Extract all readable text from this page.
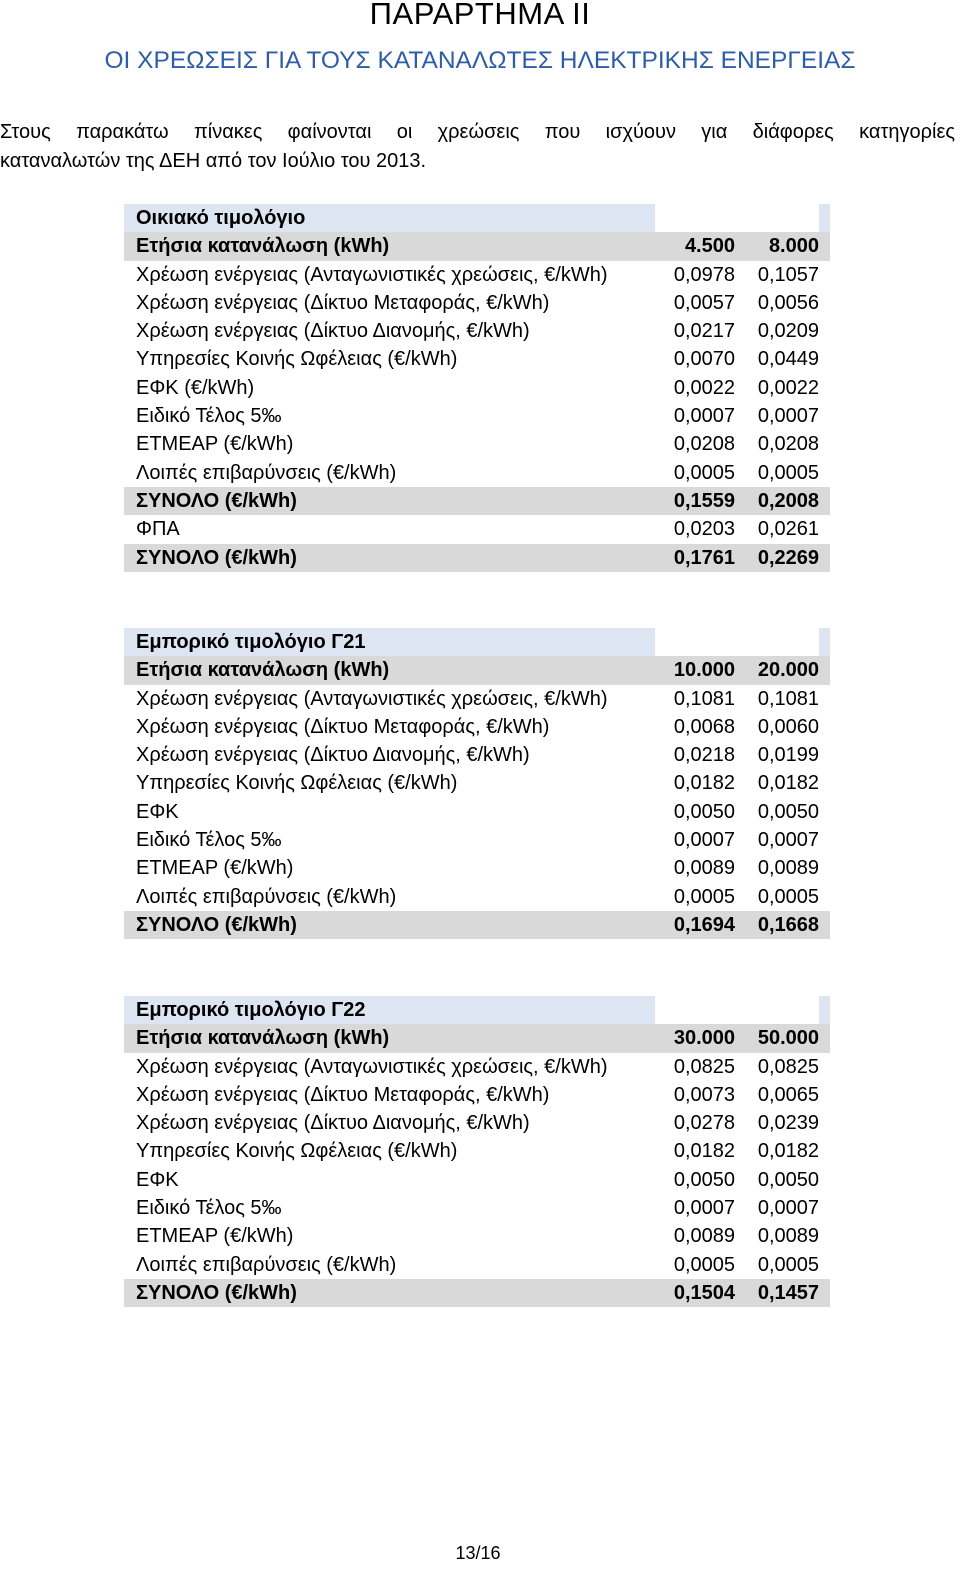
ΠΑΡΑΡΤΗΜΑ ΙΙ
ΟΙ ΧΡΕΩΣΕΙΣ ΓΙΑ ΤΟΥΣ ΚΑΤΑΝΑΛΩΤΕΣ ΗΛΕΚΤΡΙΚΗΣ ΕΝΕΡΓΕΙΑΣ
Στους παρακάτω πίνακες φαίνονται οι χρεώσεις που ισχύουν για διάφορες κατηγορίες
καταναλωτών της ΔΕΗ από τον Ιούλιο του 2013.
Οικιακό τιμολόγιο
Ετήσια κατανάλωση (kWh)	4.500	8.000
Χρέωση ενέργειας (Ανταγωνιστικές χρεώσεις, €/kWh)	0,0978	0,1057
Χρέωση ενέργειας (Δίκτυο Μεταφοράς, €/kWh)	0,0057	0,0056
Χρέωση ενέργειας (Δίκτυο Διανομής, €/kWh)	0,0217	0,0209
Υπηρεσίες Κοινής Ωφέλειας (€/kWh)	0,0070	0,0449
ΕΦΚ (€/kWh)	0,0022	0,0022
Ειδικό Τέλος 5‰	0,0007	0,0007
ΕΤΜΕΑΡ (€/kWh)	0,0208	0,0208
Λοιπές επιβαρύνσεις (€/kWh)	0,0005	0,0005
ΣΥΝΟΛΟ (€/kWh)	0,1559	0,2008
ΦΠΑ	0,0203	0,0261
ΣΥΝΟΛΟ (€/kWh)	0,1761	0,2269
Εμπορικό τιμολόγιο Γ21
Ετήσια κατανάλωση (kWh)	10.000	20.000
Χρέωση ενέργειας (Ανταγωνιστικές χρεώσεις, €/kWh)	0,1081	0,1081
Χρέωση ενέργειας (Δίκτυο Μεταφοράς, €/kWh)	0,0068	0,0060
Χρέωση ενέργειας (Δίκτυο Διανομής, €/kWh)	0,0218	0,0199
Υπηρεσίες Κοινής Ωφέλειας (€/kWh)	0,0182	0,0182
ΕΦΚ	0,0050	0,0050
Ειδικό Τέλος 5‰	0,0007	0,0007
ΕΤΜΕΑΡ (€/kWh)	0,0089	0,0089
Λοιπές επιβαρύνσεις (€/kWh)	0,0005	0,0005
ΣΥΝΟΛΟ (€/kWh)	0,1694	0,1668
Εμπορικό τιμολόγιο Γ22
Ετήσια κατανάλωση (kWh)	30.000	50.000
Χρέωση ενέργειας (Ανταγωνιστικές χρεώσεις, €/kWh)	0,0825	0,0825
Χρέωση ενέργειας (Δίκτυο Μεταφοράς, €/kWh)	0,0073	0,0065
Χρέωση ενέργειας (Δίκτυο Διανομής, €/kWh)	0,0278	0,0239
Υπηρεσίες Κοινής Ωφέλειας (€/kWh)	0,0182	0,0182
ΕΦΚ	0,0050	0,0050
Ειδικό Τέλος 5‰	0,0007	0,0007
ΕΤΜΕΑΡ (€/kWh)	0,0089	0,0089
Λοιπές επιβαρύνσεις (€/kWh)	0,0005	0,0005
ΣΥΝΟΛΟ (€/kWh)	0,1504	0,1457
13/16
